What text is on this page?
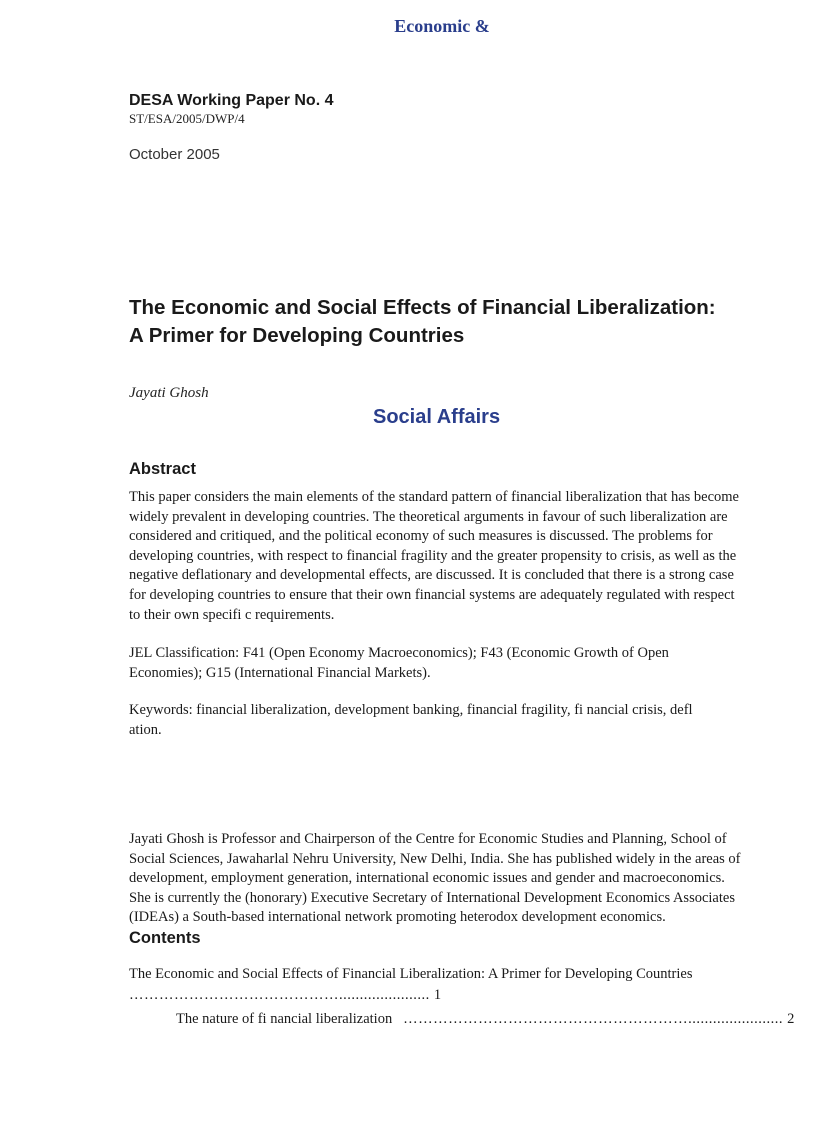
Economic &
DESA Working Paper No. 4
ST/ESA/2005/DWP/4
October 2005
The Economic and Social Effects of Financial Liberalization:
A Primer for Developing Countries
Jayati Ghosh
Social Affairs
Abstract
This paper considers the main elements of the standard pattern of financial liberalization that has become
widely prevalent in developing countries. The theoretical arguments in favour of such liberalization are
considered and critiqued, and the political economy of such measures is discussed. The problems for
developing countries, with respect to financial fragility and the greater propensity to crisis, as well as the
negative deflationary and developmental effects, are discussed. It is concluded that there is a strong case
for developing countries to ensure that their own financial systems are adequately regulated with respect
to their own specifi c requirements.
JEL Classification: F41 (Open Economy Macroeconomics); F43 (Economic Growth of Open
Economies); G15 (International Financial Markets).
Keywords: financial liberalization, development banking, financial fragility, fi nancial crisis, defl
ation.
Jayati Ghosh is Professor and Chairperson of the Centre for Economic Studies and Planning, School of
Social Sciences, Jawaharlal Nehru University, New Delhi, India. She has published widely in the areas of
development, employment generation, international economic issues and gender and macroeconomics.
She is currently the (honorary) Executive Secretary of International Development Economics Associates
(IDEAs) a South-based international network promoting heterodox development economics.
Contents
The Economic and Social Effects of Financial Liberalization: A Primer for Developing Countries
……………………………………...................... 1
The nature of fi nancial liberalization …………………………………………………....................... 2
